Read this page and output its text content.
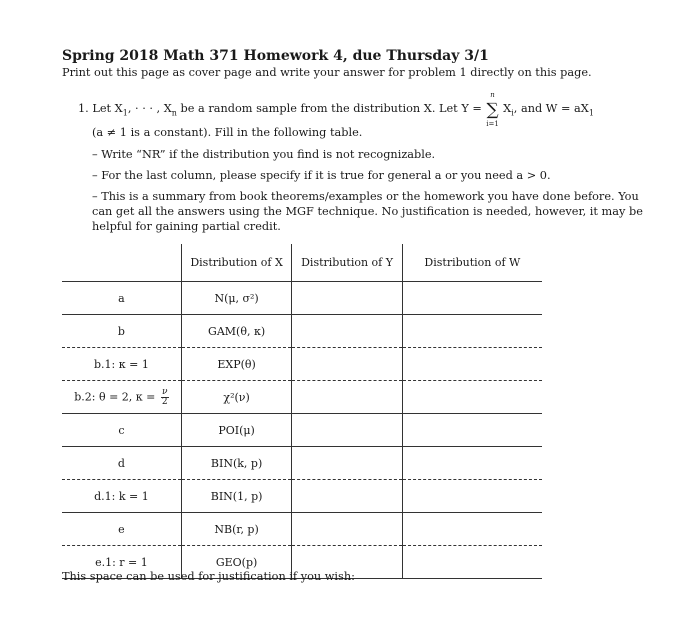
Spring 2018 Math 371 Homework 4, due Thursday 3/1
Print out this page as cover page and write your answer for problem 1 directly on this page.
1. Let $X_1$, · · · , $X_n$ be a random sample from the distribution X. Let Y =
n
∑
i=1
$X_i$, and $W = aX_1$
(a ≠ 1 is a constant). Fill in the following table.
– Write “NR” if the distribution you find is not recognizable.
– For the last column, please specify if it is true for general a or you need a > 0.
– This is a summary from book theorems/examples or the homework you have done before. You
can get all the answers using the MGF technique. No justification is needed, however, it may be
helpful for gaining partial credit.
	Distribution of X	Distribution of Y	Distribution of W
a	N(μ, σ²)		
b	GAM(θ, κ)		
b.1: κ = 1	EXP(θ)		
b.2: θ = 2, $\kappa = \frac{\nu}{2}$	χ²(ν)		
c	POI(μ)		
d	BIN(k, p)		
d.1: k = 1	BIN(1, p)		
e	NB(r, p)		
e.1: r = 1	GEO(p)		
This space can be used for justification if you wish:
